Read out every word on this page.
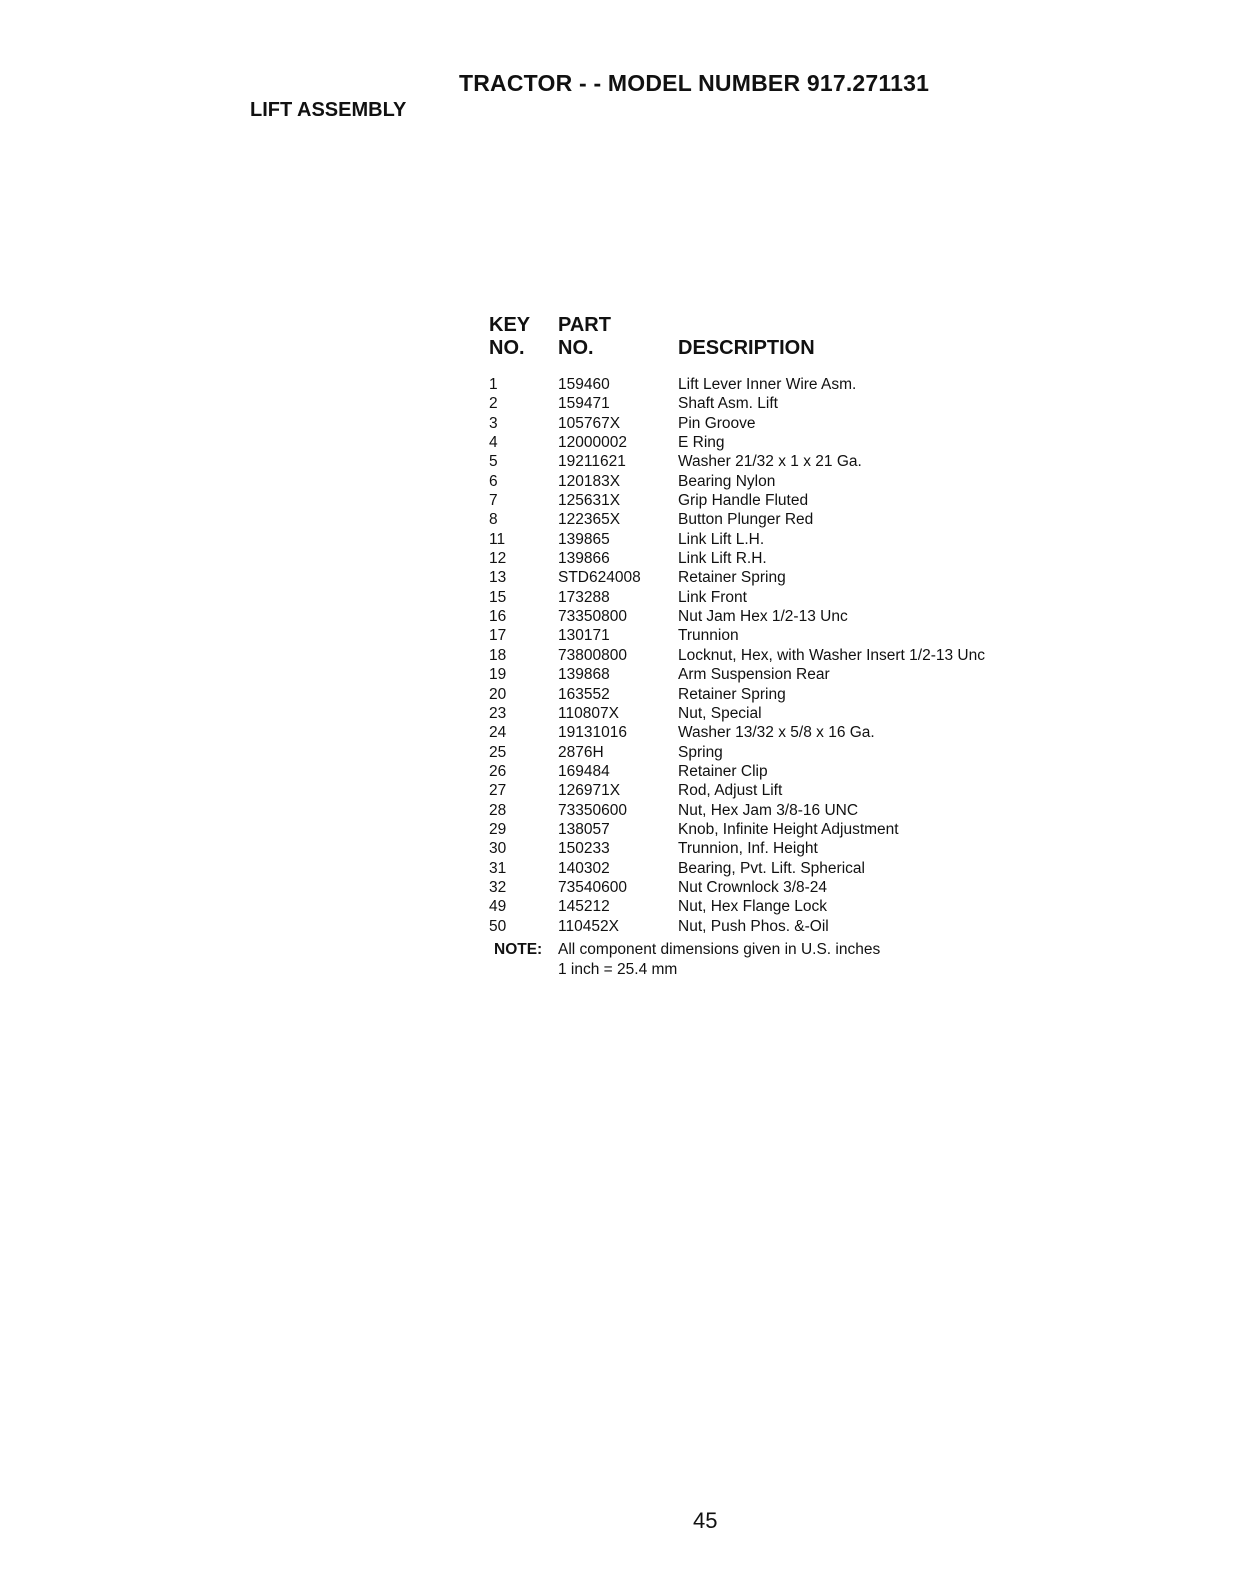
TRACTOR - - MODEL NUMBER 917.271131
LIFT ASSEMBLY
KEY
NO.
PART
NO.	DESCRIPTION
1	159460	Lift Lever Inner Wire Asm.
2	159471	Shaft Asm. Lift
3	105767X	Pin Groove
4	12000002	E Ring
5	19211621	Washer 21/32 x 1 x 21 Ga.
6	120183X	Bearing Nylon
7	125631X	Grip Handle Fluted
8	122365X	Button Plunger Red
11	139865	Link Lift L.H.
12	139866	Link Lift R.H.
13	STD624008 Retainer Spring
15	173288	Link Front
16	73350800	Nut Jam Hex 1/2-13 Unc
17	130171	Trunnion
18	73800800	Locknut, Hex, with Washer Insert 1/2-13 Unc
19	139868	Arm Suspension Rear
20	163552	Retainer Spring
23	110807X	Nut, Special
24	19131016	Washer 13/32 x 5/8 x 16 Ga.
25	2876H	Spring
26	169484	Retainer Clip
27	126971X	Rod, Adjust Lift
28	73350600	Nut, Hex Jam 3/8-16 UNC
29	138057	Knob, Infinite Height Adjustment
30	150233	Trunnion, Inf. Height
31	140302	Bearing, Pvt. Lift. Spherical
32	73540600	Nut Crownlock 3/8-24
49	145212	Nut, Hex Flange Lock
50	110452X	Nut, Push Phos. &-Oil
NOTE: All component dimensions given in U.S. inches
1 inch = 25.4 mm
45
